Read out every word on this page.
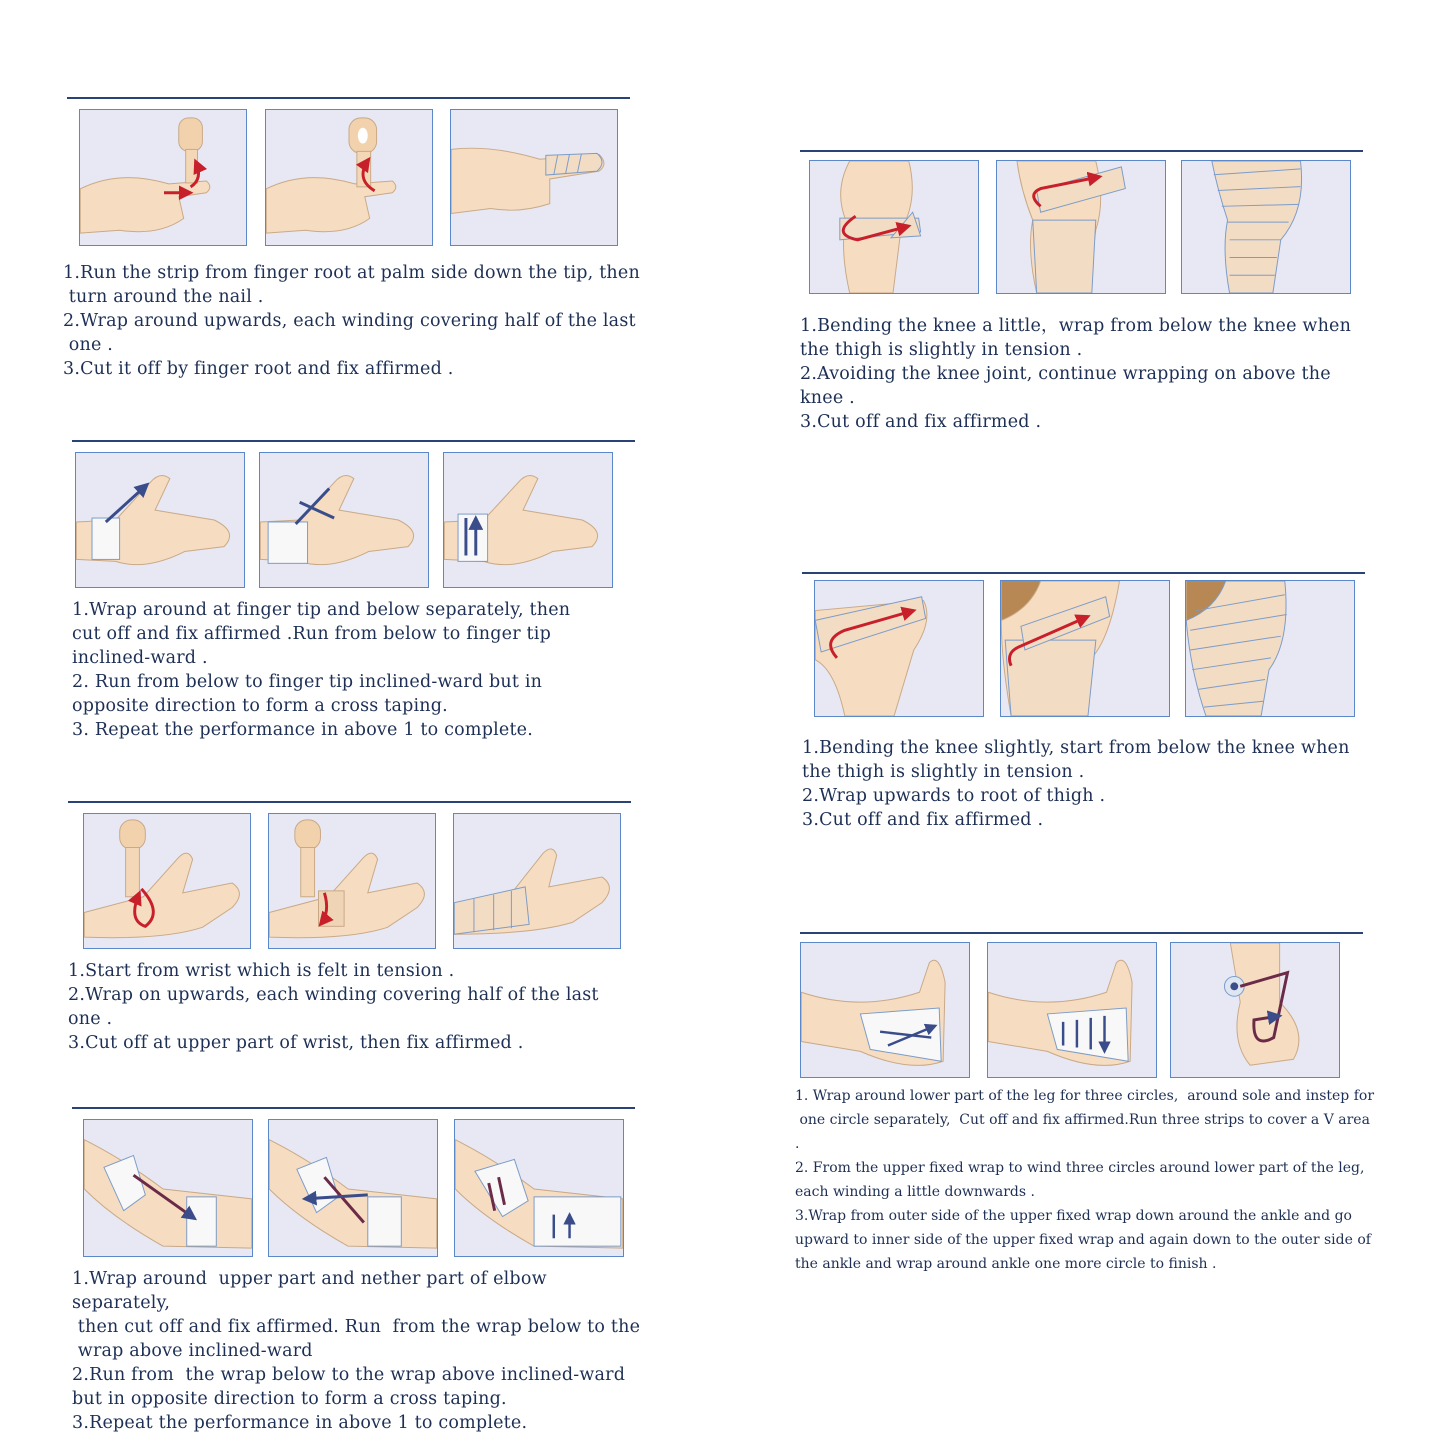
1.Run the strip from finger root at palm side down the tip, then
turn around the nail .
2.Wrap around upwards, each winding covering half of the last
one .
3.Cut it off by finger root and fix affirmed .
1.Wrap around at finger tip and below separately, then
cut off and fix affirmed .Run from below to finger tip
inclined-ward .
2. Run from below to finger tip inclined-ward but in
opposite direction to form a cross taping.
3. Repeat the performance in above 1 to complete.
1.Start from wrist which is felt in tension .
2.Wrap on upwards, each winding covering half of the last
one .
3.Cut off at upper part of wrist, then fix affirmed .
1.Wrap around  upper part and nether part of elbow separately,
then cut off and fix affirmed. Run  from the wrap below to the
wrap above inclined-ward
2.Run from  the wrap below to the wrap above inclined-ward
but in opposite direction to form a cross taping.
3.Repeat the performance in above 1 to complete.
1.Bending the knee a little，wrap from below the knee when
the thigh is slightly in tension .
2.Avoiding the knee joint, continue wrapping on above the
knee .
3.Cut off and fix affirmed .
1.Bending the knee slightly, start from below the knee when
the thigh is slightly in tension .
2.Wrap upwards to root of thigh .
3.Cut off and fix affirmed .
1. Wrap around lower part of the leg for three circles,  around sole and instep for
one circle separately,  Cut off and fix affirmed.Run three strips to cover a V area .
2. From the upper fixed wrap to wind three circles around lower part of the leg,
each winding a little downwards .
3.Wrap from outer side of the upper fixed wrap down around the ankle and go
upward to inner side of the upper fixed wrap and again down to the outer side of
the ankle and wrap around ankle one more circle to finish .
